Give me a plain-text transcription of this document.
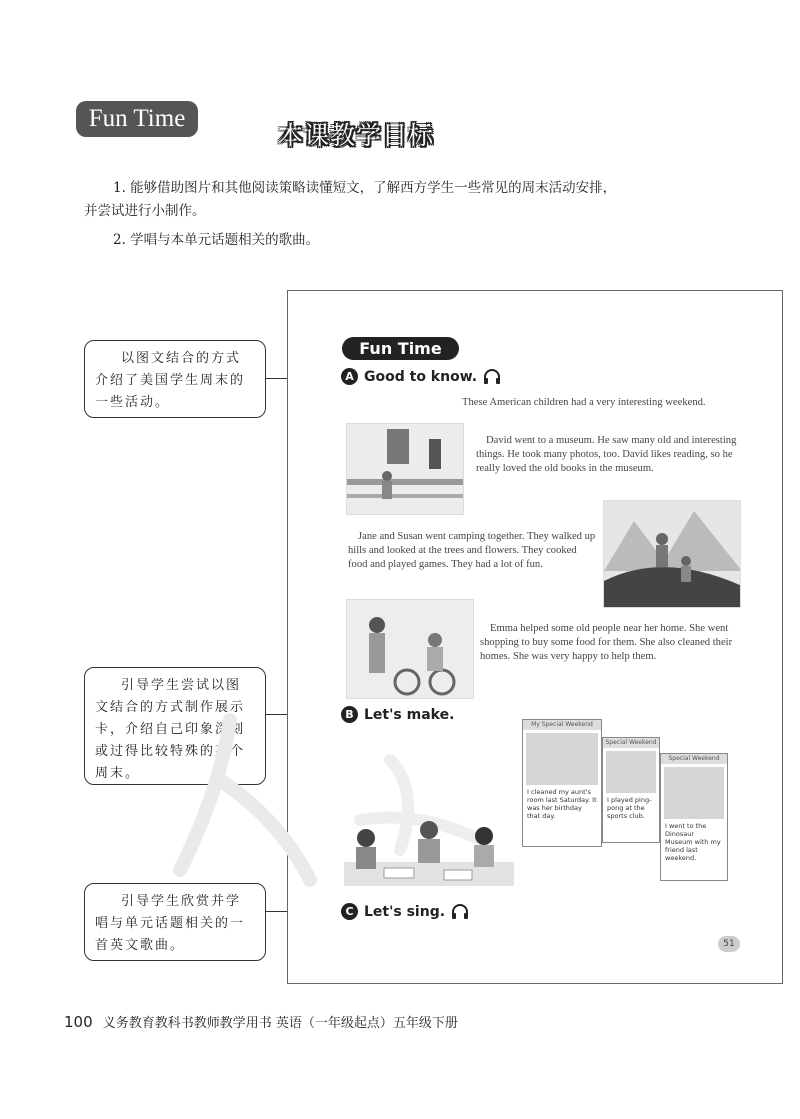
Fun Time
本课教学目标
1. 能够借助图片和其他阅读策略读懂短文，了解西方学生一些常见的周末活动安排，
并尝试进行小制作。
2. 学唱与本单元话题相关的歌曲。
以图文结合的方式介绍了美国学生周末的一些活动。
引导学生尝试以图文结合的方式制作展示卡，介绍自己印象深刻或过得比较特殊的某个周末。
引导学生欣赏并学唱与单元话题相关的一首英文歌曲。
Fun Time
A Good to know.
These American children had a very interesting weekend.
David went to a museum. He saw many old and interesting things. He took many photos, too. David likes reading, so he really loved the old books in the museum.
Jane and Susan went camping together. They walked up hills and looked at the trees and flowers. They cooked food and played games. They had a lot of fun.
Emma helped some old people near her home. She went shopping to buy some food for them. She also cleaned their homes. She was very happy to help them.
B Let's make.
My Special Weekend
I cleaned my aunt's room last Saturday. It was her birthday that day.
Special Weekend
I played ping-pong at the sports club.
Special Weekend
I went to the Dinosaur Museum with my friend last weekend.
C Let's sing.
51
100 义务教育教科书教师教学用书 英语（一年级起点）五年级下册
